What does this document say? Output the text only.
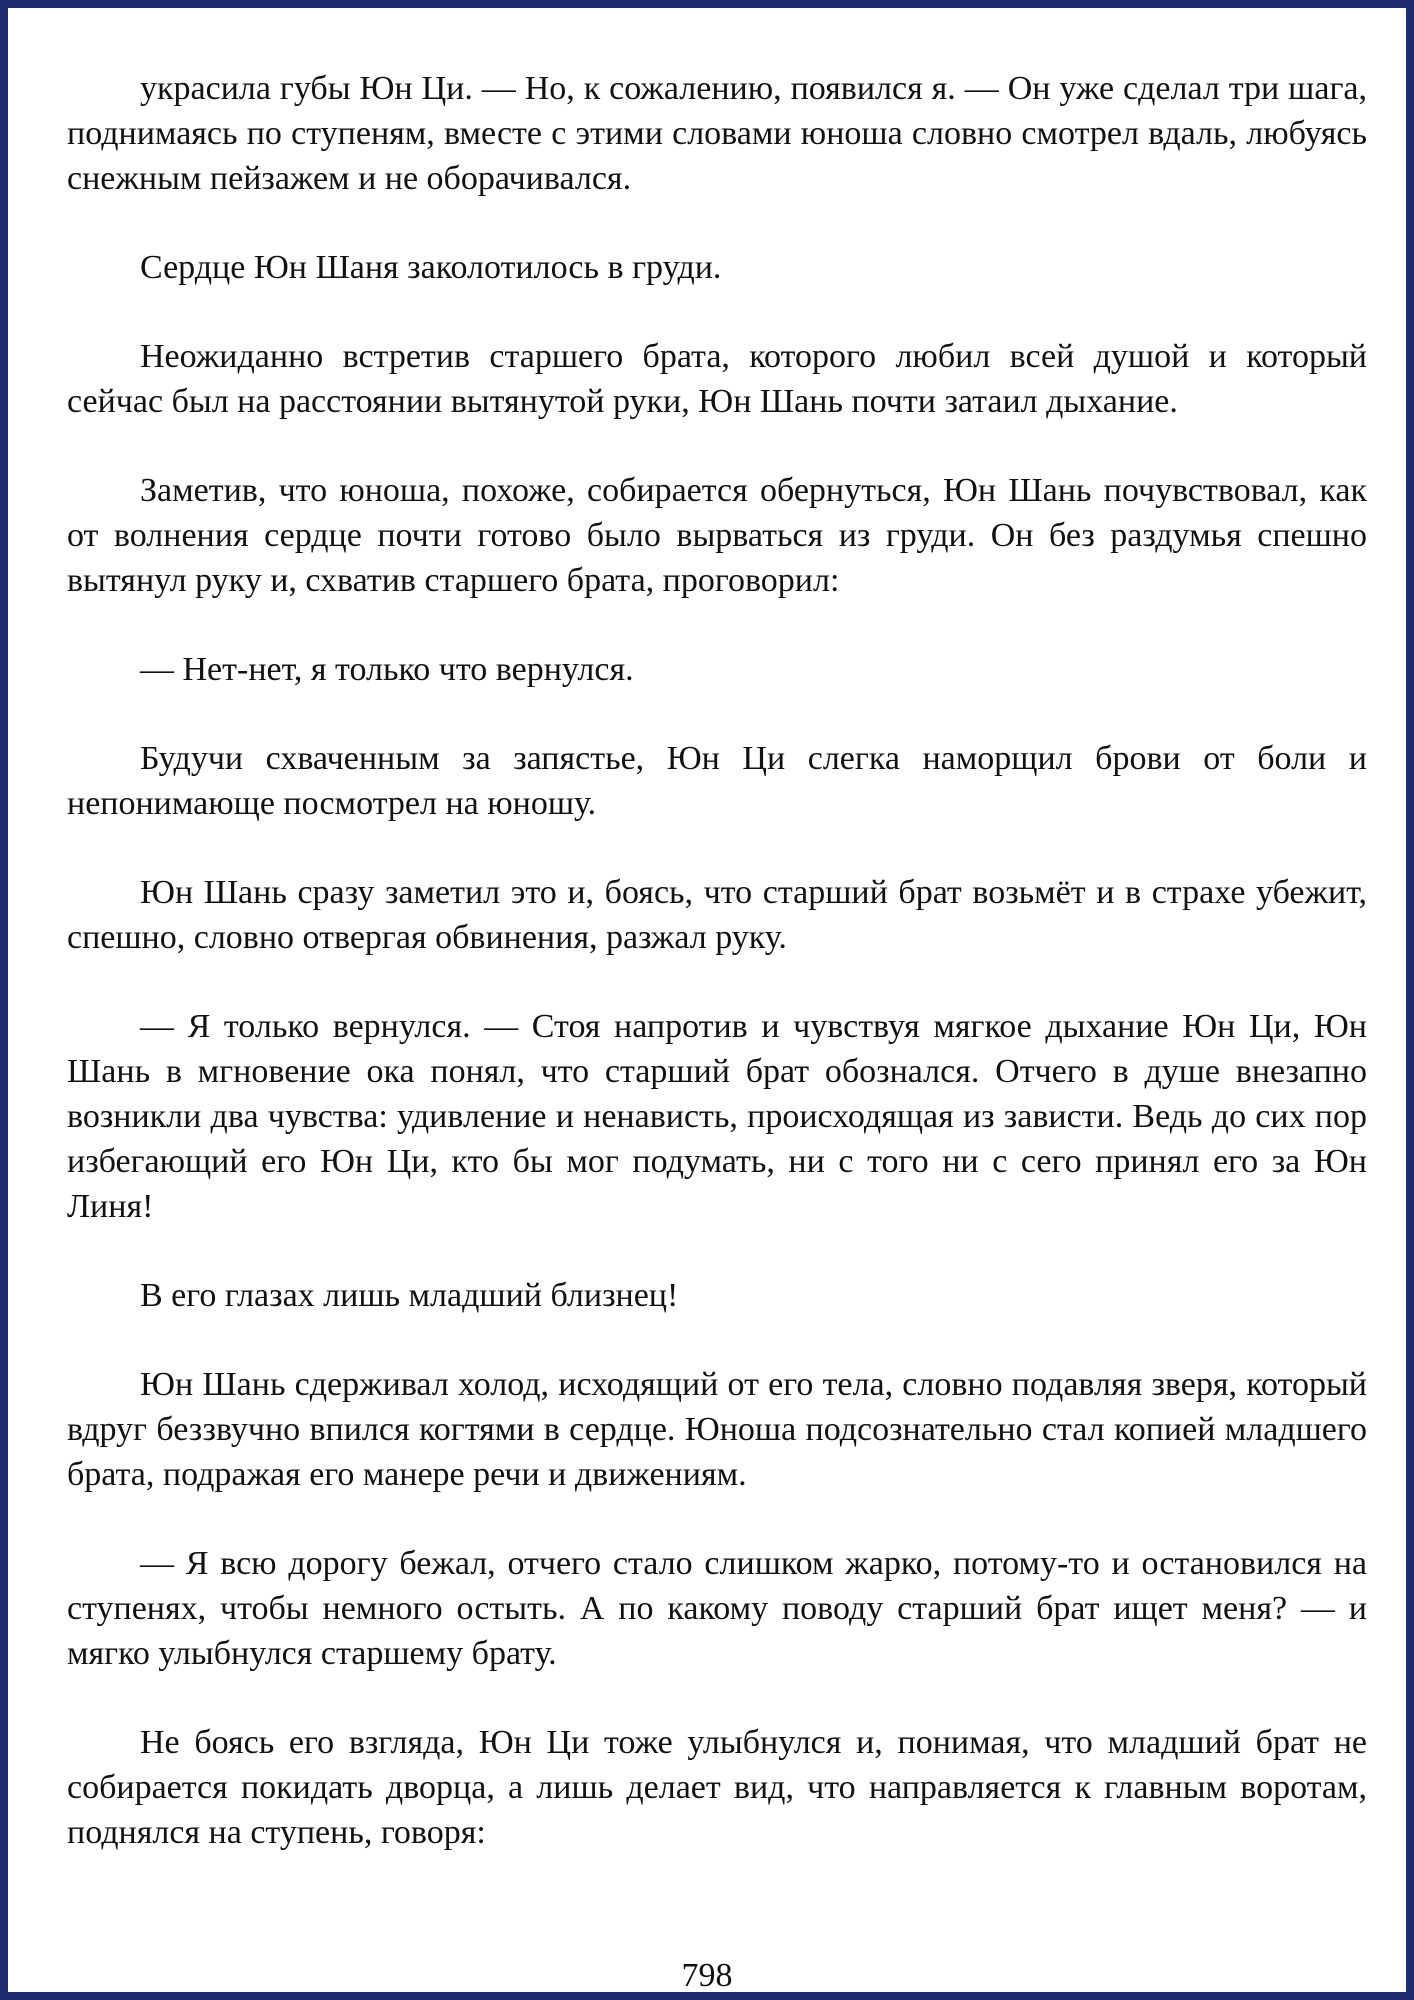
украсила губы Юн Ци. — Но, к сожалению, появился я. — Он уже сделал три шага, поднимаясь по ступеням, вместе с этими словами юноша словно смотрел вдаль, любуясь снежным пейзажем и не оборачивался.

Сердце Юн Шаня заколотилось в груди.

Неожиданно встретив старшего брата, которого любил всей душой и который сейчас был на расстоянии вытянутой руки, Юн Шань почти затаил дыхание.

Заметив, что юноша, похоже, собирается обернуться, Юн Шань почувствовал, как от волнения сердце почти готово было вырваться из груди. Он без раздумья спешно вытянул руку и, схватив старшего брата, проговорил:

— Нет-нет, я только что вернулся.

Будучи схваченным за запястье, Юн Ци слегка наморщил брови от боли и непонимающе посмотрел на юношу.

Юн Шань сразу заметил это и, боясь, что старший брат возьмёт и в страхе убежит, спешно, словно отвергая обвинения, разжал руку.

— Я только вернулся. — Стоя напротив и чувствуя мягкое дыхание Юн Ци, Юн Шань в мгновение ока понял, что старший брат обознался. Отчего в душе внезапно возникли два чувства: удивление и ненависть, происходящая из зависти. Ведь до сих пор избегающий его Юн Ци, кто бы мог подумать, ни с того ни с сего принял его за Юн Линя!

В его глазах лишь младший близнец!

Юн Шань сдерживал холод, исходящий от его тела, словно подавляя зверя, который вдруг беззвучно впился когтями в сердце. Юноша подсознательно стал копией младшего брата, подражая его манере речи и движениям.

— Я всю дорогу бежал, отчего стало слишком жарко, потому-то и остановился на ступенях, чтобы немного остыть. А по какому поводу старший брат ищет меня? — и мягко улыбнулся старшему брату.

Не боясь его взгляда, Юн Ци тоже улыбнулся и, понимая, что младший брат не собирается покидать дворца, а лишь делает вид, что направляется к главным воротам, поднялся на ступень, говоря:

798
